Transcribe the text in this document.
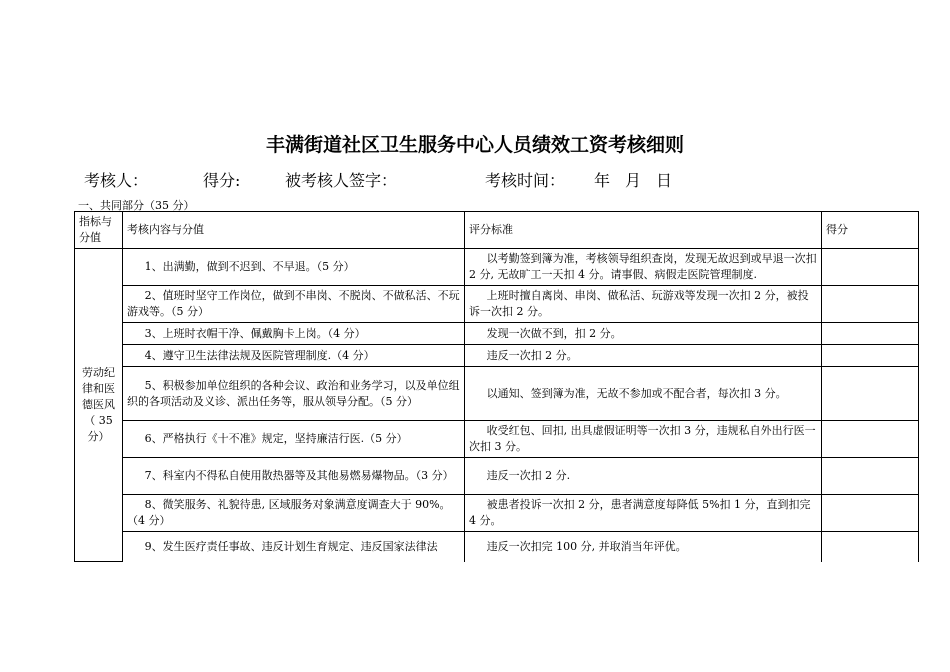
丰满街道社区卫生服务中心人员绩效工资考核细则
考核人：	得分:	被考核人签字：	考核时间： 年 月 日
一、共同部分（35 分）
指标与分值	考核内容与分值	评分标准	得分
劳动纪律和医德医风（ 35 分）	1、出满勤，做到不迟到、不早退。（5 分）	以考勤签到簿为准，考核领导组织查岗，发现无故迟到或早退一次扣 2 分, 无故旷工一天扣 4 分。请事假、病假走医院管理制度.	
	2、值班时坚守工作岗位，做到不串岗、不脱岗、不做私活、不玩游戏等。（5 分）	上班时擅自离岗、串岗、做私活、玩游戏等发现一次扣 2 分，被投诉一次扣 2 分。	
	3、上班时衣帽干净、佩戴胸卡上岗。（4 分）	发现一次做不到，扣 2 分。	
	4、遵守卫生法律法规及医院管理制度.（4 分）	违反一次扣 2 分。	
	5、积极参加单位组织的各种会议、政治和业务学习，以及单位组织的各项活动及义诊、派出任务等，服从领导分配。（5 分）	以通知、签到簿为准，无故不参加或不配合者，每次扣 3 分。	
	6、严格执行《十不准》规定，坚持廉洁行医.（5 分）	收受红包、回扣, 出具虚假证明等一次扣 3 分，违规私自外出行医一次扣 3 分。	
	7、科室内不得私自使用散热器等及其他易燃易爆物品。（3 分）	违反一次扣 2 分.	
	8、微笑服务、礼貌待患, 区域服务对象满意度调查大于 90%。（4 分）	被患者投诉一次扣 2 分，患者满意度每降低 5%扣 1 分，直到扣完 4 分。	
	9、发生医疗责任事故、违反计划生育规定、违反国家法律法	违反一次扣完 100 分, 并取消当年评优。	
